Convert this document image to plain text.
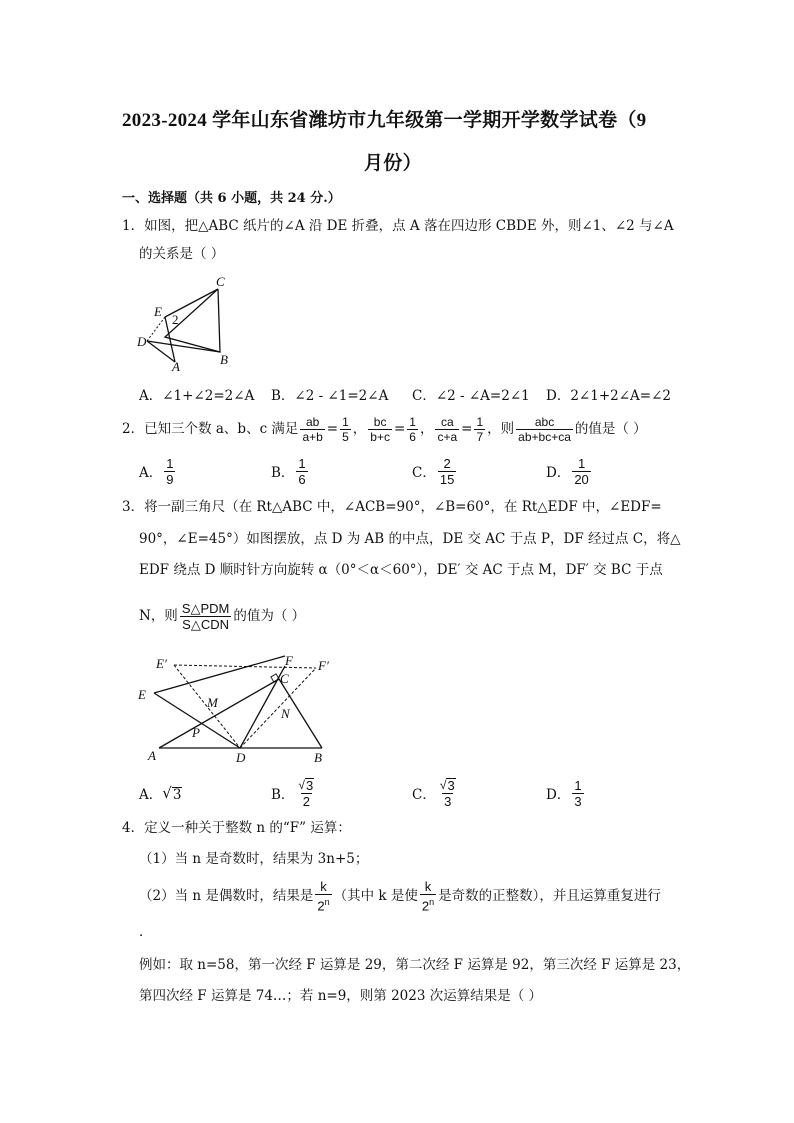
2023-2024 学年山东省潍坊市九年级第一学期开学数学试卷（9
月份）
一、选择题（共 6 小题，共 24 分.）
1．如图，把△ABC 纸片的∠A 沿 DE 折叠，点 A 落在四边形 CBDE 外，则∠1、∠2 与∠A
的关系是（ ）
C
E
2
D
A	B
A．∠1+∠2=2∠A B．∠2 - ∠1=2∠A C．∠2 - ∠A=2∠1 D．2∠1+2∠A=∠2
2．已知三个数 a、b、c 满足 $\frac{ab}{a+b} = \frac{1}{5}$ ， $\frac{bc}{b+c} = \frac{1}{6}$ ， $\frac{ca}{c+a} = \frac{1}{7}$ ，则 $\frac{\text{abc}}{ab+bc+ca}$ 的值是（ ）
A． $\frac{1}{9}$	B． $\frac{1}{6}$	C． $\frac{2}{15}$	D． $\frac{1}{20}$
3．将一副三角尺（在 Rt△ABC 中，∠ACB=90°，∠B=60°，在 Rt△EDF 中，∠EDF=
90°，∠E=45°）如图摆放，点 D 为 AB 的中点，DE 交 AC 于点 P，DF 经过点 C，将△
EDF 绕点 D 顺时针方向旋转 α（0°＜α＜60°），DE′ 交 AC 于点 M，DF′ 交 BC 于点
N，则 $\frac{\text{S△PDM}}{\text{S△CDN}}$ 的值为（ ）
E′	F F′
C
E
M
N
P
A	D	B
A． √ 3	B． $\frac{√ 3}{2}$	C． $\frac{√ 3}{3}$	D． $\frac{1}{3}$
4．定义一种关于整数 n 的“F” 运算：
（1）当 n 是奇数时，结果为 3n+5；
（2）当 n 是偶数时，结果是 $\frac{k}{2^n}$ （其中 k 是使 $\frac{k}{2^n}$ 是奇数的正整数），并且运算重复进行
．
例如：取 n=58，第一次经 F 运算是 29，第二次经 F 运算是 92，第三次经 F 运算是 23，
第四次经 F 运算是 74…；若 n=9，则第 2023 次运算结果是（ ）
